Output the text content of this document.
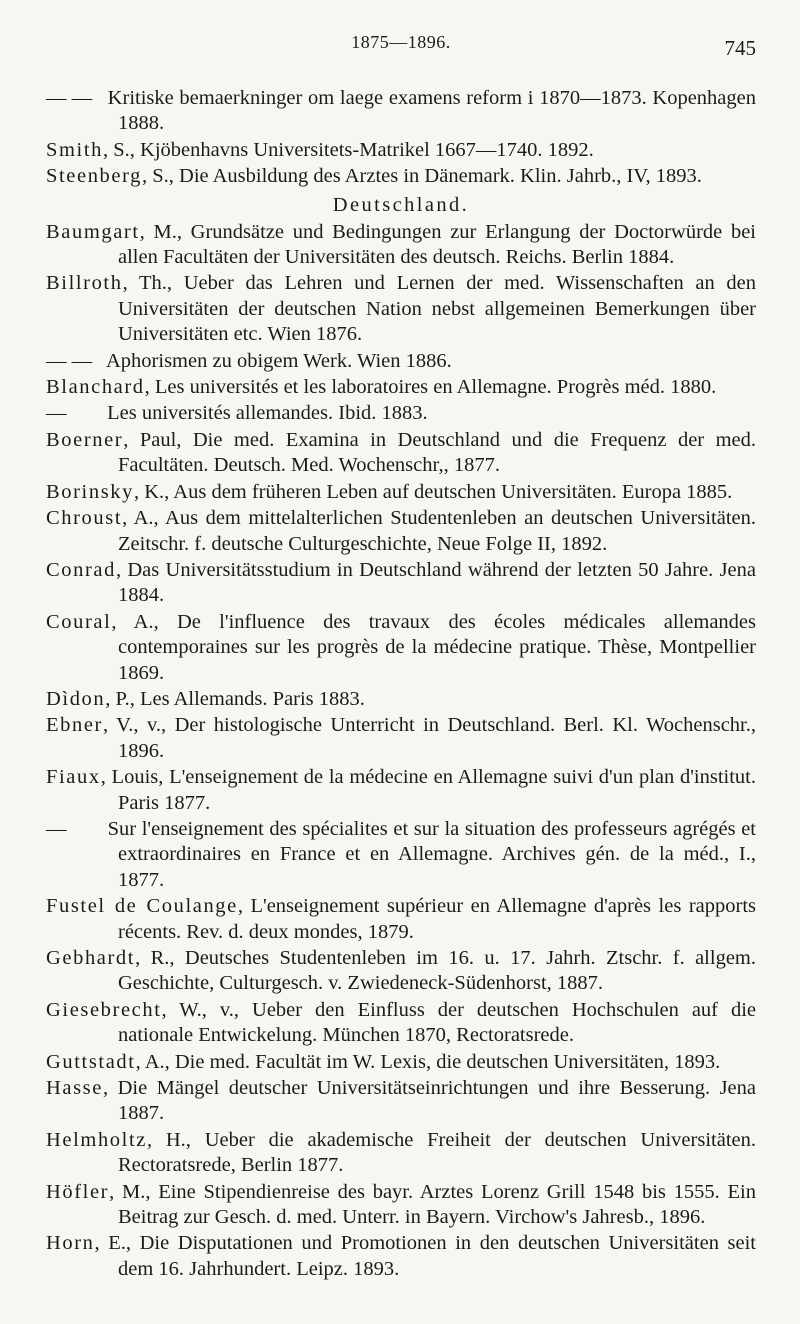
1875—1896.	745

— — Kritiske bemaerkninger om laege examens reform i 1870—1873. Kopenhagen 1888.

Smith, S., Kjöbenhavns Universitets-Matrikel 1667—1740. 1892.

Steenberg, S., Die Ausbildung des Arztes in Dänemark. Klin. Jahrb., IV, 1893.

Deutschland.

Baumgart, M., Grundsätze und Bedingungen zur Erlangung der Doctorwürde bei allen Facultäten der Universitäten des deutsch. Reichs. Berlin 1884.

Billroth, Th., Ueber das Lehren und Lernen der med. Wissenschaften an den Universitäten der deutschen Nation nebst allgemeinen Bemerkungen über Universitäten etc. Wien 1876.

— — Aphorismen zu obigem Werk. Wien 1886.

Blanchard, Les universités et les laboratoires en Allemagne. Progrès méd. 1880.

— Les universités allemandes. Ibid. 1883.

Boerner, Paul, Die med. Examina in Deutschland und die Frequenz der med. Facultäten. Deutsch. Med. Wochenschr,, 1877.

Borinsky, K., Aus dem früheren Leben auf deutschen Universitäten. Europa 1885.

Chroust, A., Aus dem mittelalterlichen Studentenleben an deutschen Universitäten. Zeitschr. f. deutsche Culturgeschichte, Neue Folge II, 1892.

Conrad, Das Universitätsstudium in Deutschland während der letzten 50 Jahre. Jena 1884.

Coural, A., De l'influence des travaux des écoles médicales allemandes contemporaines sur les progrès de la médecine pratique. Thèse, Montpellier 1869.

Dìdon, P., Les Allemands. Paris 1883.

Ebner, V., v., Der histologische Unterricht in Deutschland. Berl. Kl. Wochenschr., 1896.

Fiaux, Louis, L'enseignement de la médecine en Allemagne suivi d'un plan d'institut. Paris 1877.

— Sur l'enseignement des spécialites et sur la situation des professeurs agrégés et extraordinaires en France et en Allemagne. Archives gén. de la méd., I., 1877.

Fustel de Coulange, L'enseignement supérieur en Allemagne d'après les rapports récents. Rev. d. deux mondes, 1879.

Gebhardt, R., Deutsches Studentenleben im 16. u. 17. Jahrh. Ztschr. f. allgem. Geschichte, Culturgesch. v. Zwiedeneck-Südenhorst, 1887.

Giesebrecht, W., v., Ueber den Einfluss der deutschen Hochschulen auf die nationale Entwickelung. München 1870, Rectoratsrede.

Guttstadt, A., Die med. Facultät im W. Lexis, die deutschen Universitäten, 1893.

Hasse, Die Mängel deutscher Universitätseinrichtungen und ihre Besserung. Jena 1887.

Helmholtz, H., Ueber die akademische Freiheit der deutschen Universitäten. Rectoratsrede, Berlin 1877.

Höfler, M., Eine Stipendienreise des bayr. Arztes Lorenz Grill 1548 bis 1555. Ein Beitrag zur Gesch. d. med. Unterr. in Bayern. Virchow's Jahresb., 1896.

Horn, E., Die Disputationen und Promotionen in den deutschen Universitäten seit dem 16. Jahrhundert. Leipz. 1893.
